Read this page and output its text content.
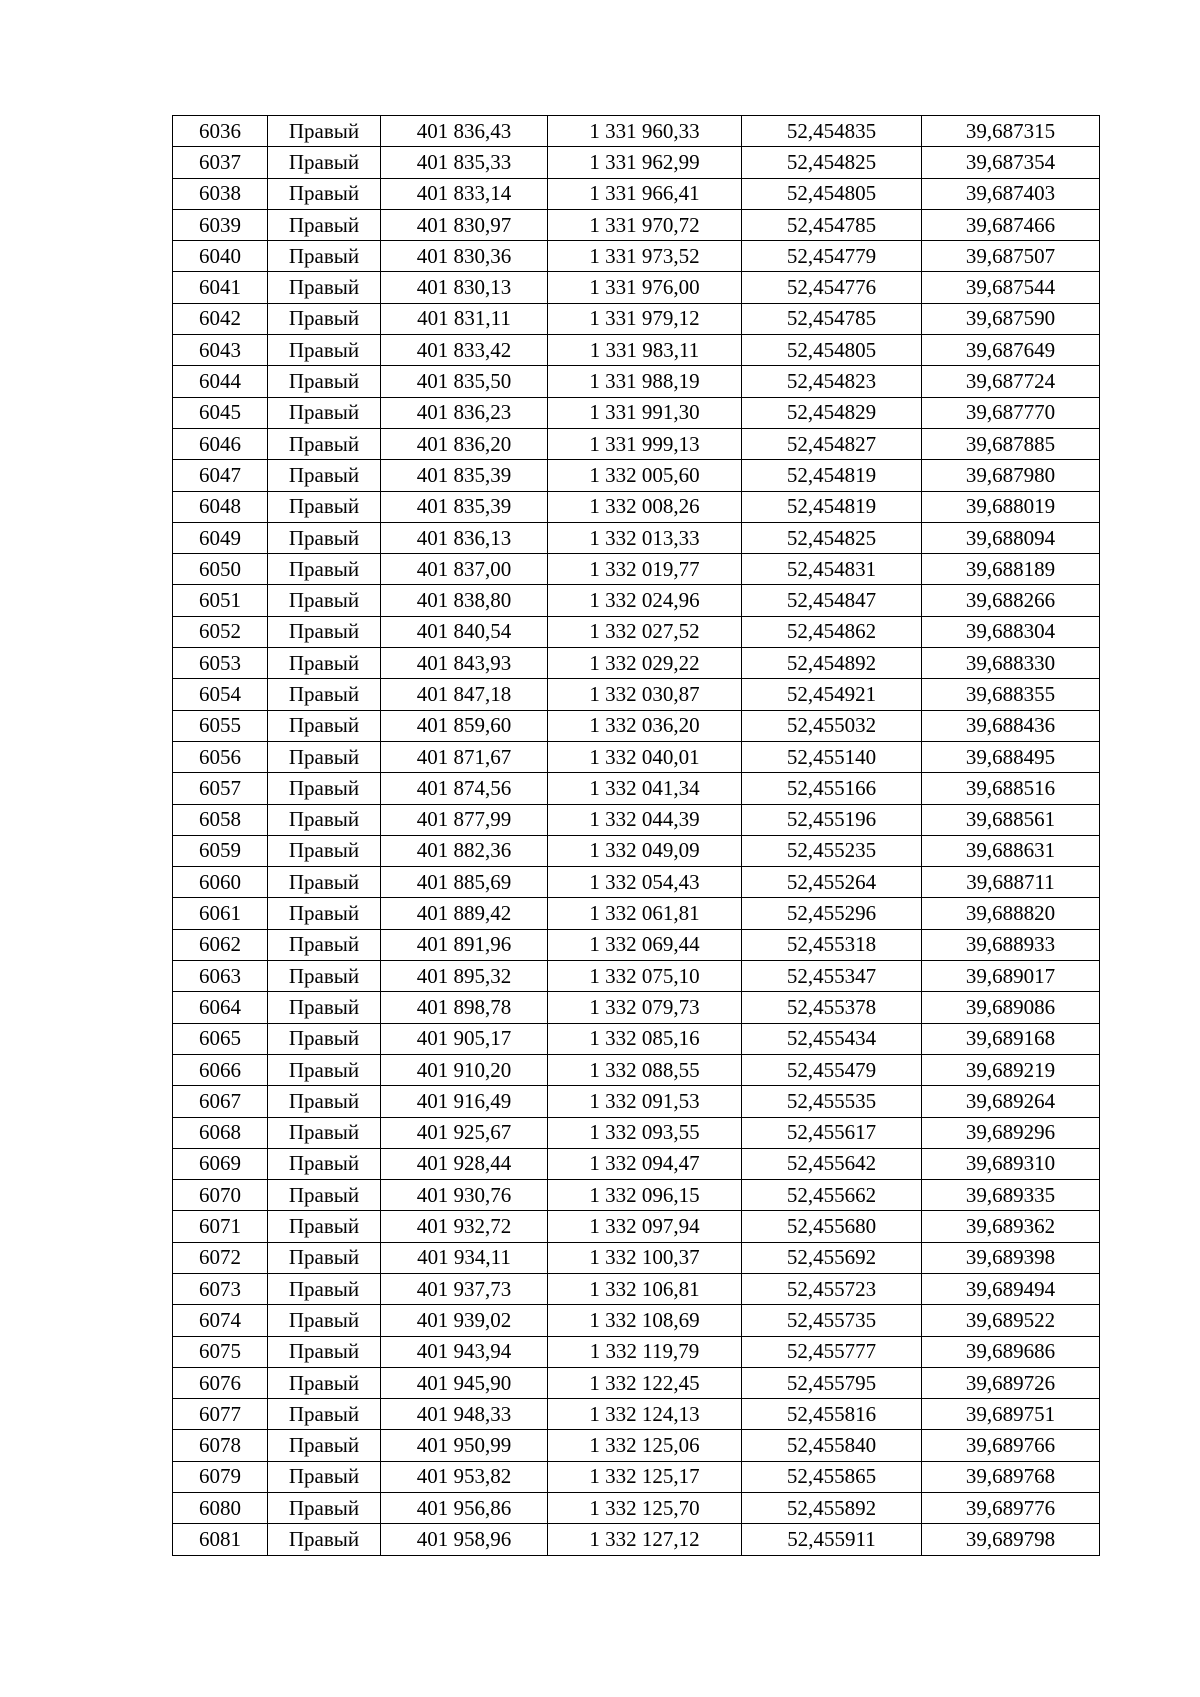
6036	Правый	401 836,43	1 331 960,33	52,454835	39,687315
6037	Правый	401 835,33	1 331 962,99	52,454825	39,687354
6038	Правый	401 833,14	1 331 966,41	52,454805	39,687403
6039	Правый	401 830,97	1 331 970,72	52,454785	39,687466
6040	Правый	401 830,36	1 331 973,52	52,454779	39,687507
6041	Правый	401 830,13	1 331 976,00	52,454776	39,687544
6042	Правый	401 831,11	1 331 979,12	52,454785	39,687590
6043	Правый	401 833,42	1 331 983,11	52,454805	39,687649
6044	Правый	401 835,50	1 331 988,19	52,454823	39,687724
6045	Правый	401 836,23	1 331 991,30	52,454829	39,687770
6046	Правый	401 836,20	1 331 999,13	52,454827	39,687885
6047	Правый	401 835,39	1 332 005,60	52,454819	39,687980
6048	Правый	401 835,39	1 332 008,26	52,454819	39,688019
6049	Правый	401 836,13	1 332 013,33	52,454825	39,688094
6050	Правый	401 837,00	1 332 019,77	52,454831	39,688189
6051	Правый	401 838,80	1 332 024,96	52,454847	39,688266
6052	Правый	401 840,54	1 332 027,52	52,454862	39,688304
6053	Правый	401 843,93	1 332 029,22	52,454892	39,688330
6054	Правый	401 847,18	1 332 030,87	52,454921	39,688355
6055	Правый	401 859,60	1 332 036,20	52,455032	39,688436
6056	Правый	401 871,67	1 332 040,01	52,455140	39,688495
6057	Правый	401 874,56	1 332 041,34	52,455166	39,688516
6058	Правый	401 877,99	1 332 044,39	52,455196	39,688561
6059	Правый	401 882,36	1 332 049,09	52,455235	39,688631
6060	Правый	401 885,69	1 332 054,43	52,455264	39,688711
6061	Правый	401 889,42	1 332 061,81	52,455296	39,688820
6062	Правый	401 891,96	1 332 069,44	52,455318	39,688933
6063	Правый	401 895,32	1 332 075,10	52,455347	39,689017
6064	Правый	401 898,78	1 332 079,73	52,455378	39,689086
6065	Правый	401 905,17	1 332 085,16	52,455434	39,689168
6066	Правый	401 910,20	1 332 088,55	52,455479	39,689219
6067	Правый	401 916,49	1 332 091,53	52,455535	39,689264
6068	Правый	401 925,67	1 332 093,55	52,455617	39,689296
6069	Правый	401 928,44	1 332 094,47	52,455642	39,689310
6070	Правый	401 930,76	1 332 096,15	52,455662	39,689335
6071	Правый	401 932,72	1 332 097,94	52,455680	39,689362
6072	Правый	401 934,11	1 332 100,37	52,455692	39,689398
6073	Правый	401 937,73	1 332 106,81	52,455723	39,689494
6074	Правый	401 939,02	1 332 108,69	52,455735	39,689522
6075	Правый	401 943,94	1 332 119,79	52,455777	39,689686
6076	Правый	401 945,90	1 332 122,45	52,455795	39,689726
6077	Правый	401 948,33	1 332 124,13	52,455816	39,689751
6078	Правый	401 950,99	1 332 125,06	52,455840	39,689766
6079	Правый	401 953,82	1 332 125,17	52,455865	39,689768
6080	Правый	401 956,86	1 332 125,70	52,455892	39,689776
6081	Правый	401 958,96	1 332 127,12	52,455911	39,689798
